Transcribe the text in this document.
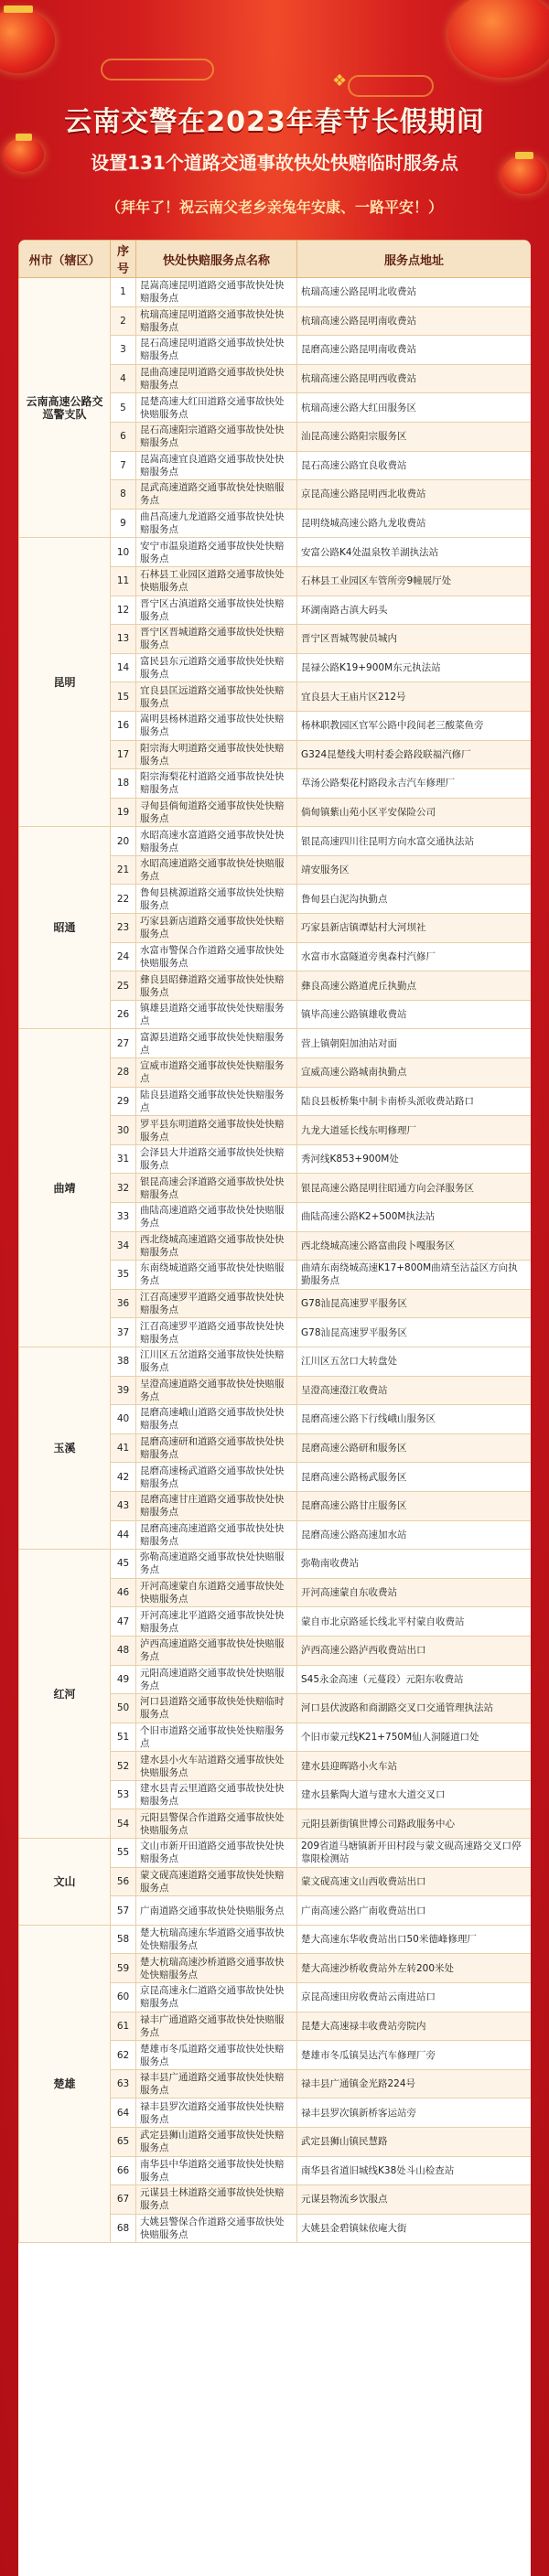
❖
云南交警在2023年春节长假期间
设置131个道路交通事故快处快赔临时服务点
（拜年了！祝云南父老乡亲兔年安康、一路平安！）
州市（辖区）	序号	快处快赔服务点名称	服务点地址
云南高速公路交巡警支队	1	昆嵩高速昆明道路交通事故快处快赔服务点	杭瑞高速公路昆明北收费站
	2	杭瑞高速昆明道路交通事故快处快赔服务点	杭瑞高速公路昆明南收费站
	3	昆石高速昆明道路交通事故快处快赔服务点	昆磨高速公路昆明南收费站
	4	昆曲高速昆明道路交通事故快处快赔服务点	杭瑞高速公路昆明西收费站
	5	昆楚高速大红田道路交通事故快处快赔服务点	杭瑞高速公路大红田服务区
	6	昆石高速阳宗道路交通事故快处快赔服务点	汕昆高速公路阳宗服务区
	7	昆嵩高速宜良道路交通事故快处快赔服务点	昆石高速公路宜良收费站
	8	昆武高速道路交通事故快处快赔服务点	京昆高速公路昆明西北收费站
	9	曲昌高速九龙道路交通事故快处快赔服务点	昆明绕城高速公路九龙收费站
昆明	10	安宁市温泉道路交通事故快处快赔服务点	安富公路K4处温泉牧羊湖执法站
	11	石林县工业园区道路交通事故快处快赔服务点	石林县工业园区车管所旁9幢展厅处
	12	晋宁区古滇道路交通事故快处快赔服务点	环湖南路古滇大码头
	13	晋宁区晋城道路交通事故快处快赔服务点	晋宁区晋城驾驶员城内
	14	富民县东元道路交通事故快处快赔服务点	昆禄公路K19+900M东元执法站
	15	宜良县匡远道路交通事故快处快赔服务点	宜良县大王庙片区212号
	16	嵩明县杨林道路交通事故快处快赔服务点	杨林职教园区官军公路中段间老三酸菜鱼旁
	17	阳宗海大明道路交通事故快处快赔服务点	G324昆楚线大明村委会路段联福汽修厂
	18	阳宗海梨花村道路交通事故快处快赔服务点	草汤公路梨花村路段永吉汽车修理厂
	19	寻甸县倘甸道路交通事故快处快赔服务点	倘甸镇紫山苑小区平安保险公司
昭通	20	水昭高速水富道路交通事故快处快赔服务点	银昆高速四川往昆明方向水富交通执法站
	21	水昭高速道路交通事故快处快赔服务点	靖安服务区
	22	鲁甸县桃源道路交通事故快处快赔服务点	鲁甸县白泥沟执勤点
	23	巧家县新店道路交通事故快处快赔服务点	巧家县新店镇谭姑村大河坝社
	24	水富市警保合作道路交通事故快处快赔服务点	水富市水富隧道旁奥森村汽修厂
	25	彝良县昭彝道路交通事故快处快赔服务点	彝良高速公路道虎丘执勤点
	26	镇雄县道路交通事故快处快赔服务点	镇毕高速公路镇雄收费站
曲靖	27	富源县道路交通事故快处快赔服务点	营上镇朝阳加油站对面
	28	宣威市道路交通事故快处快赔服务点	宣威高速公路城南执勤点
	29	陆良县道路交通事故快处快赔服务点	陆良县板桥集中制卡南桥头派收费站路口
	30	罗平县东明道路交通事故快处快赔服务点	九龙大道延长线东明修理厂
	31	会泽县大井道路交通事故快处快赔服务点	秀河线K853+900M处
	32	银昆高速会泽道路交通事故快处快赔服务点	银昆高速公路昆明往昭通方向会泽服务区
	33	曲陆高速道路交通事故快处快赔服务点	曲陆高速公路K2+500M执法站
	34	西北绕城高速道路交通事故快处快赔服务点	西北绕城高速公路富曲段卜嘎服务区
	35	东南绕城道路交通事故快处快赔服务点	曲靖东南绕城高速K17+800M曲靖至沾益区方向执勤服务点
	36	江召高速罗平道路交通事故快处快赔服务点	G78汕昆高速罗平服务区
	37	江召高速罗平道路交通事故快处快赔服务点	G78汕昆高速罗平服务区
玉溪	38	江川区五岔道路交通事故快处快赔服务点	江川区五岔口大转盘处
	39	呈澄高速道路交通事故快处快赔服务点	呈澄高速澄江收费站
	40	昆磨高速峨山道路交通事故快处快赔服务点	昆磨高速公路下行线峨山服务区
	41	昆磨高速研和道路交通事故快处快赔服务点	昆磨高速公路研和服务区
	42	昆磨高速杨武道路交通事故快处快赔服务点	昆磨高速公路杨武服务区
	43	昆磨高速甘庄道路交通事故快处快赔服务点	昆磨高速公路甘庄服务区
	44	昆磨高速高速道路交通事故快处快赔服务点	昆磨高速公路高速加水站
红河	45	弥勒高速道路交通事故快处快赔服务点	弥勒南收费站
	46	开河高速蒙自东道路交通事故快处快赔服务点	开河高速蒙自东收费站
	47	开河高速北平道路交通事故快处快赔服务点	蒙自市北京路延长线北平村蒙自收费站
	48	泸西高速道路交通事故快处快赔服务点	泸西高速公路泸西收费站出口
	49	元阳高速道路交通事故快处快赔服务点	S45永金高速（元蔓段）元阳东收费站
	50	河口县道路交通事故快处快赔临时服务点	河口县伏波路和商湖路交叉口交通管理执法站
	51	个旧市道路交通事故快处快赔服务点	个旧市蒙元线K21+750M仙人洞隧道口处
	52	建水县小火车站道路交通事故快处快赔服务点	建水县迎晖路小火车站
	53	建水县青云里道路交通事故快处快赔服务点	建水县紫陶大道与建水大道交叉口
	54	元阳县警保合作道路交通事故快处快赔服务点	元阳县新街镇世博公司路政服务中心
文山	55	文山市新开田道路交通事故快处快赔服务点	209省道马塘镇新开田村段与蒙文砚高速路交叉口停靠限检测站
	56	蒙文砚高速道路交通事故快处快赔服务点	蒙文砚高速文山西收费站出口
	57	广南道路交通事故快处快赔服务点	广南高速公路广南收费站出口
楚雄	58	楚大杭瑞高速东华道路交通事故快处快赔服务点	楚大高速东华收费站出口50米德峰修理厂
	59	楚大杭瑞高速沙桥道路交通事故快处快赔服务点	楚大高速沙桥收费站外左转200米处
	60	京昆高速永仁道路交通事故快处快赔服务点	京昆高速田房收费站云南进站口
	61	禄丰广通道路交通事故快处快赔服务点	昆楚大高速禄丰收费站旁院内
	62	楚雄市冬瓜道路交通事故快处快赔服务点	楚雄市冬瓜镇昊达汽车修理厂旁
	63	禄丰县广通道路交通事故快处快赔服务点	禄丰县广通镇金光路224号
	64	禄丰县罗次道路交通事故快处快赔服务点	禄丰县罗次镇新桥客运站旁
	65	武定县狮山道路交通事故快处快赔服务点	武定县狮山镇民慧路
	66	南华县中华道路交通事故快处快赔服务点	南华县省道旧城线K38处斗山检查站
	67	元谋县土林道路交通事故快处快赔服务点	元谋县物流乡饮服点
	68	大姚县警保合作道路交通事故快处快赔服务点	大姚县金碧镇妹依庵大街
